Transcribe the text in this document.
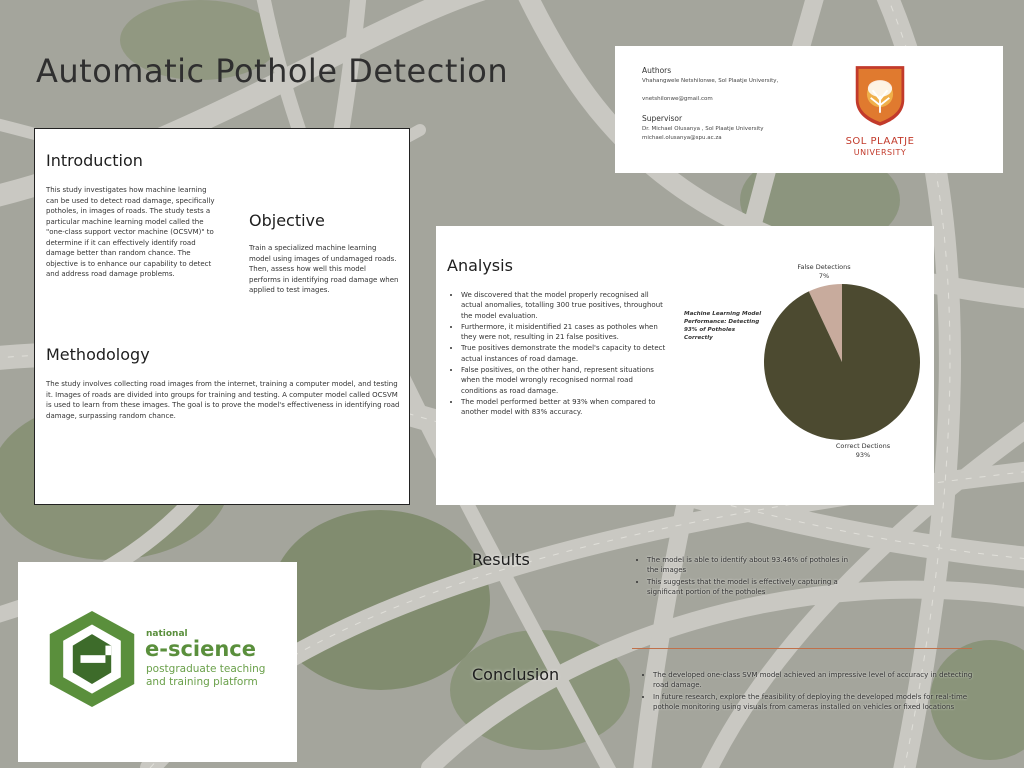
Automatic Pothole Detection	Authors
Vhahangwele Netshilonwe, Sol Plaatje University,
vnetshilonwe@gmail.com
Supervisor
Dr. Michael Olusanya , Sol Plaatje University
michael.olusanya@spu.ac.za	SOL PLAATJE
UNIVERSITY
Introduction
This study investigates how machine learning can be used to detect road damage, specifically potholes, in images of roads. The study tests a particular machine learning model called the "one-class support vector machine (OCSVM)" to determine if it can effectively identify road damage better than random chance. The objective is to enhance our capability to detect and address road damage problems.
Objective
Train a specialized machine learning model using images of undamaged roads. Then, assess how well this model performs in identifying road damage when applied to test images.
Methodology
The study involves collecting road images from the internet, training a computer model, and testing it. Images of roads are divided into groups for training and testing. A computer model called OCSVM is used to learn from these images. The goal is to prove the model's effectiveness in identifying road damage, surpassing random chance.
Analysis
• We discovered that the model properly recognised all actual anomalies, totalling 300 true positives, throughout the model evaluation.
• Furthermore, it misidentified 21 cases as potholes when they were not, resulting in 21 false positives.
• True positives demonstrate the model's capacity to detect actual instances of road damage.
• False positives, on the other hand, represent situations when the model wrongly recognised normal road conditions as road damage.
• The model performed better at 93% when compared to another model with 83% accuracy.
Machine Learning Model Performance: Detecting 93% of Potholes Correctly
False Detections
7%
Correct Dections
93%
Results	• The model is able to identify about 93.46% of potholes in the images
• This suggests that the model is effectively capturing a significant portion of the potholes
Conclusion	• The developed one-class SVM model achieved an impressive level of accuracy in detecting road damage.
• In future research, explore the feasibility of deploying the developed models for real-time pothole monitoring using visuals from cameras installed on vehicles or fixed locations
national
e-science
postgraduate teaching
and training platform
